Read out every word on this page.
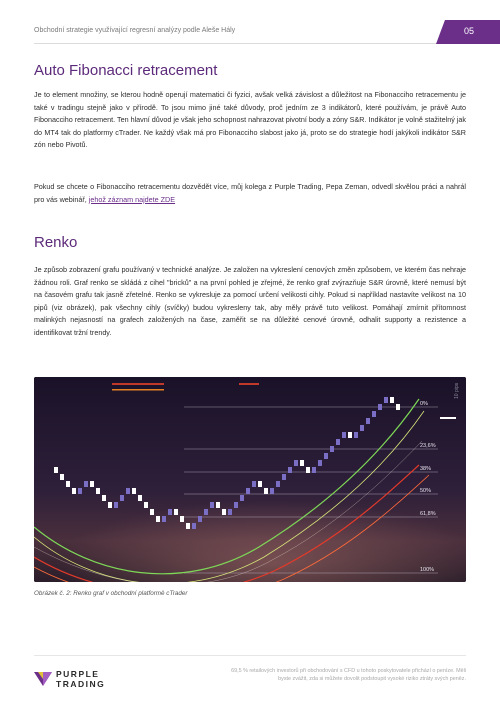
Obchodní strategie využívající regresní analýzy podle Aleše Hály	05
Auto Fibonacci retracement

Je to element množiny, se kterou hodně operují matematici či fyzici, avšak velká závislost a důležitost na Fibonacciho retracementu je také v tradingu stejně jako v přírodě. To jsou mimo jiné také důvody, proč jedním ze 3 indikátorů, které používám, je právě Auto Fibonacciho retracement. Ten hlavní důvod je však jeho schopnost nahrazovat pivotní body a zóny S&R. Indikátor je volně stažitelný jak do MT4 tak do platformy cTrader. Ne každý však má pro Fibonacciho slabost jako já, proto se do strategie hodí jakýkoli indikátor S&R zón nebo Pivotů.

Pokud se chcete o Fibonacciho retracementu dozvědět více, můj kolega z Purple Trading, Pepa Zeman, odvedl skvělou práci a nahrál pro vás webinář, jehož záznam najdete ZDE

Renko

Je způsob zobrazení grafu používaný v technické analýze. Je založen na vykreslení cenových změn způsobem, ve kterém čas nehraje žádnou roli. Graf renko se skládá z cihel "bricků" a na první pohled je zřejmé, že renko graf zvýrazňuje S&R úrovně, které nemusí být na časovém grafu tak jasně zřetelné. Renko se vykresluje za pomocí určení velikosti cihly. Pokud si například nastavíte velikost na 10 pipů (viz obrázek), pak všechny cihly (svíčky) budou vykresleny tak, aby měly právě tuto velikost. Pomáhají zmírnit přítomnost malinkých nejasností na grafech založených na čase, zaměřit se na důležité cenové úrovně, odhalit supporty a rezistence a identifikovat tržní trendy.

0%
23,6%
38%
50%
61,8%
100%
10 pips

Obrázek č. 2: Renko graf v obchodní platformě cTrader

PURPLE
TRADING

69,5 % retailových investorů při obchodování s CFD u tohoto poskytovatele přichází o peníze. Měli byste zvážit, zda si můžete dovolit podstoupit vysoké riziko ztráty svých peněz.
